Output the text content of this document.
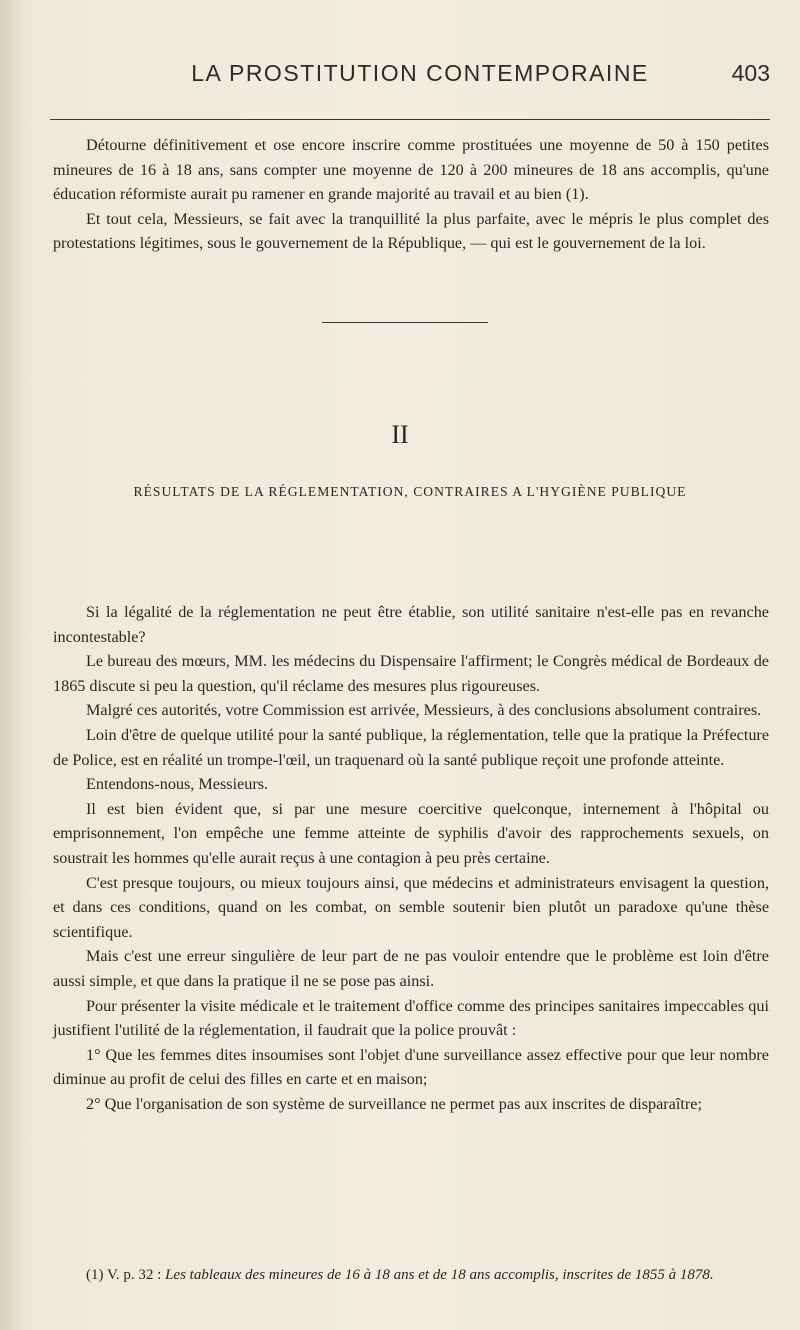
LA PROSTITUTION CONTEMPORAINE	403

Détourne définitivement et ose encore inscrire comme prostituées une moyenne de 50 à 150 petites mineures de 16 à 18 ans, sans compter une moyenne de 120 à 200 mineures de 18 ans accomplis, qu'une éducation réformiste aurait pu ramener en grande majorité au travail et au bien (1).

Et tout cela, Messieurs, se fait avec la tranquillité la plus parfaite, avec le mépris le plus complet des protestations légitimes, sous le gouvernement de la République, — qui est le gouvernement de la loi.

II
RÉSULTATS DE LA RÉGLEMENTATION, CONTRAIRES A L'HYGIÈNE PUBLIQUE

Si la légalité de la réglementation ne peut être établie, son utilité sanitaire n'est-elle pas en revanche incontestable?

Le bureau des mœurs, MM. les médecins du Dispensaire l'affirment; le Congrès médical de Bordeaux de 1865 discute si peu la question, qu'il réclame des mesures plus rigoureuses.

Malgré ces autorités, votre Commission est arrivée, Messieurs, à des conclusions absolument contraires.

Loin d'être de quelque utilité pour la santé publique, la réglementation, telle que la pratique la Préfecture de Police, est en réalité un trompe-l'œil, un traquenard où la santé publique reçoit une profonde atteinte.

Entendons-nous, Messieurs.

Il est bien évident que, si par une mesure coercitive quelconque, internement à l'hôpital ou emprisonnement, l'on empêche une femme atteinte de syphilis d'avoir des rapprochements sexuels, on soustrait les hommes qu'elle aurait reçus à une contagion à peu près certaine.

C'est presque toujours, ou mieux toujours ainsi, que médecins et administrateurs envisagent la question, et dans ces conditions, quand on les combat, on semble soutenir bien plutôt un paradoxe qu'une thèse scientifique.

Mais c'est une erreur singulière de leur part de ne pas vouloir entendre que le problème est loin d'être aussi simple, et que dans la pratique il ne se pose pas ainsi.

Pour présenter la visite médicale et le traitement d'office comme des principes sanitaires impeccables qui justifient l'utilité de la réglementation, il faudrait que la police prouvât :

1° Que les femmes dites insoumises sont l'objet d'une surveillance assez effective pour que leur nombre diminue au profit de celui des filles en carte et en maison;

2° Que l'organisation de son système de surveillance ne permet pas aux inscrites de disparaître;

(1) V. p. 32 : Les tableaux des mineures de 16 à 18 ans et de 18 ans accomplis, inscrites de 1855 à 1878.
